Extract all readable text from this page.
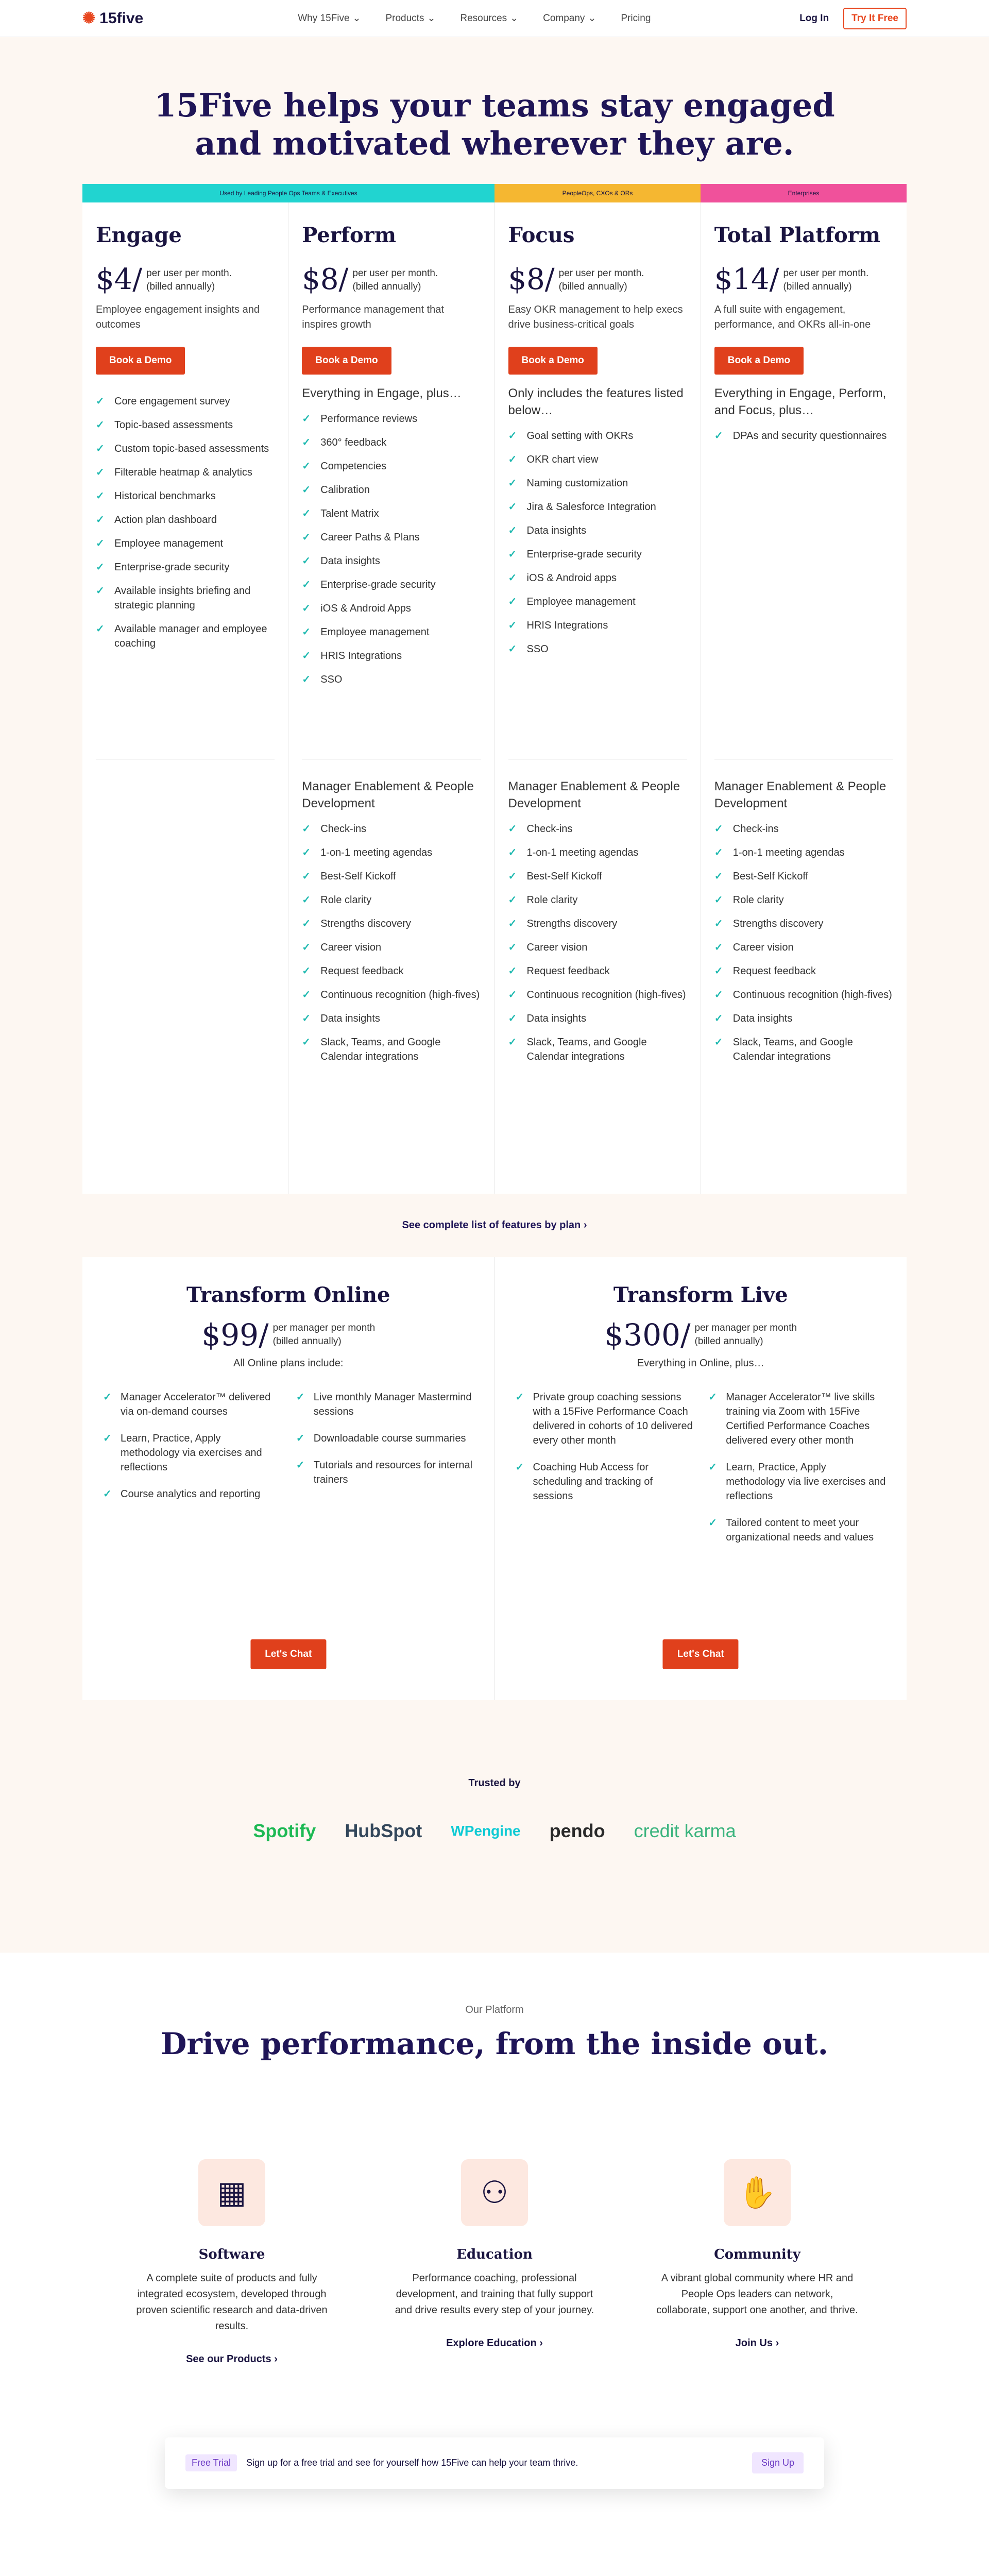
✺ 15five	Why 15Five ⌄	Products ⌄	Resources ⌄	Company ⌄	Pricing	Log In	Try It Free
15Five helps your teams stay engaged
and motivated wherever they are.
Used by Leading People Ops Teams & Executives	PeopleOps, CXOs & ORs	Enterprises
Engage
$4/ per user per month.
(billed annually)
Employee engagement insights and outcomes
Book a Demo
✓ Core engagement survey
✓ Topic-based assessments
✓ Custom topic-based assessments
✓ Filterable heatmap & analytics
✓ Historical benchmarks
✓ Action plan dashboard
✓ Employee management
✓ Enterprise-grade security
✓ Available insights briefing and strategic planning
✓ Available manager and employee coaching
Perform
$8/ per user per month.
(billed annually)
Performance management that inspires growth
Book a Demo
Everything in Engage, plus…
✓ Performance reviews
✓ 360° feedback
✓ Competencies
✓ Calibration
✓ Talent Matrix
✓ Career Paths & Plans
✓ Data insights
✓ Enterprise-grade security
✓ iOS & Android Apps
✓ Employee management
✓ HRIS Integrations
✓ SSO
Manager Enablement & People Development
✓ Check-ins
✓ 1-on-1 meeting agendas
✓ Best-Self Kickoff
✓ Role clarity
✓ Strengths discovery
✓ Career vision
✓ Request feedback
✓ Continuous recognition (high-fives)
✓ Data insights
✓ Slack, Teams, and Google Calendar integrations
Focus
$8/ per user per month.
(billed annually)
Easy OKR management to help execs drive business-critical goals
Book a Demo
Only includes the features listed below…
✓ Goal setting with OKRs
✓ OKR chart view
✓ Naming customization
✓ Jira & Salesforce Integration
✓ Data insights
✓ Enterprise-grade security
✓ iOS & Android apps
✓ Employee management
✓ HRIS Integrations
✓ SSO
Manager Enablement & People Development
✓ Check-ins
✓ 1-on-1 meeting agendas
✓ Best-Self Kickoff
✓ Role clarity
✓ Strengths discovery
✓ Career vision
✓ Request feedback
✓ Continuous recognition (high-fives)
✓ Data insights
✓ Slack, Teams, and Google Calendar integrations
Total Platform
$14/ per user per month.
(billed annually)
A full suite with engagement, performance, and OKRs all-in-one
Book a Demo
Everything in Engage, Perform, and Focus, plus…
✓ DPAs and security questionnaires
Manager Enablement & People Development
✓ Check-ins
✓ 1-on-1 meeting agendas
✓ Best-Self Kickoff
✓ Role clarity
✓ Strengths discovery
✓ Career vision
✓ Request feedback
✓ Continuous recognition (high-fives)
✓ Data insights
✓ Slack, Teams, and Google Calendar integrations
See complete list of features by plan ›
Transform Online
$99/ per manager per month
(billed annually)
All Online plans include:
✓ Manager Accelerator™ delivered via on-demand courses
✓ Learn, Practice, Apply methodology via exercises and reflections
✓ Course analytics and reporting
✓ Live monthly Manager Mastermind sessions
✓ Downloadable course summaries
✓ Tutorials and resources for internal trainers
Let's Chat
Transform Live
$300/ per manager per month
(billed annually)
Everything in Online, plus…
✓ Private group coaching sessions with a 15Five Performance Coach delivered in cohorts of 10 delivered every other month
✓ Coaching Hub Access for scheduling and tracking of sessions
✓ Manager Accelerator™ live skills training via Zoom with 15Five Certified Performance Coaches delivered every other month
✓ Learn, Practice, Apply methodology via live exercises and reflections
✓ Tailored content to meet your organizational needs and values
Let's Chat
Trusted by
Spotify HubSpot WPengine pendo credit karma
Our Platform
Drive performance, from the inside out.
▦
Software

A complete suite of products and fully integrated ecosystem, developed through proven scientific research and data-driven results.

See our Products ›
⚇
Education

Performance coaching, professional development, and training that fully support and drive results every step of your journey.

Explore Education ›
✋
Community

A vibrant global community where HR and People Ops leaders can network, collaborate, support one another, and thrive.

Join Us ›
Free Trial	Sign up for a free trial and see for yourself how 15Five can help your team thrive.	Sign Up
